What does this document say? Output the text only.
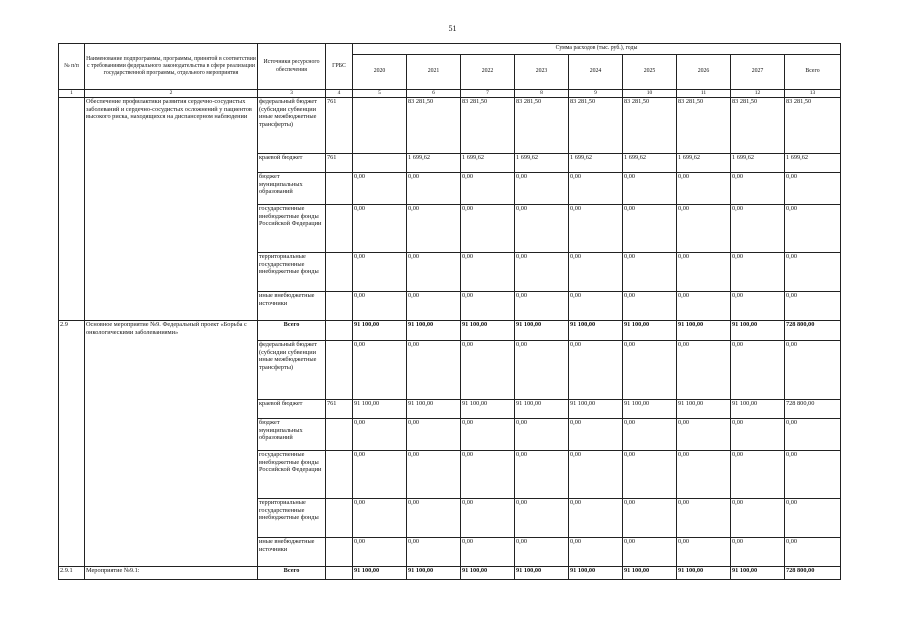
51
№ п/п	Наименование подпрограммы, программы, принятой в соответствии с требованиями федерального законодательства в сфере реализации государственной программы, отдельного мероприятия	Источники ресурсного обеспечения	ГРБС	Сумма расходов (тыс. руб.), годы								
				2020	2021	2022	2023	2024	2025	2026	2027	Всего
1	2	3	4	5	6	7	8	9	10	11	12	13
	Обеспечение профилактики развития сердечно-сосудистых заболеваний и сердечно-сосудистых осложнений у пациентов высокого риска, находящихся на диспансерном наблюдении	федеральный бюджет (субсидии субвенции иные межбюджетные трансферты)	761		83 281,50	83 281,50	83 281,50	83 281,50	83 281,50	83 281,50	83 281,50	83 281,50
		краевой бюджет	761		1 699,62	1 699,62	1 699,62	1 699,62	1 699,62	1 699,62	1 699,62	1 699,62
		бюджет муниципальных образований		0,00	0,00	0,00	0,00	0,00	0,00	0,00	0,00	0,00
		государственные внебюджетные фонды Российской Федерации		0,00	0,00	0,00	0,00	0,00	0,00	0,00	0,00	0,00
		территориальные государственные внебюджетные фонды		0,00	0,00	0,00	0,00	0,00	0,00	0,00	0,00	0,00
		иные внебюджетные источники		0,00	0,00	0,00	0,00	0,00	0,00	0,00	0,00	0,00
2.9	Основное мероприятие №9. Федеральный проект «Борьба с онкологическими заболеваниями»	Всего		91 100,00	91 100,00	91 100,00	91 100,00	91 100,00	91 100,00	91 100,00	91 100,00	728 800,00
		федеральный бюджет (субсидии субвенции иные межбюджетные трансферты)		0,00	0,00	0,00	0,00	0,00	0,00	0,00	0,00	0,00
		краевой бюджет	761	91 100,00	91 100,00	91 100,00	91 100,00	91 100,00	91 100,00	91 100,00	91 100,00	728 800,00
		бюджет муниципальных образований		0,00	0,00	0,00	0,00	0,00	0,00	0,00	0,00	0,00
		государственные внебюджетные фонды Российской Федерации		0,00	0,00	0,00	0,00	0,00	0,00	0,00	0,00	0,00
		территориальные государственные внебюджетные фонды		0,00	0,00	0,00	0,00	0,00	0,00	0,00	0,00	0,00
		иные внебюджетные источники		0,00	0,00	0,00	0,00	0,00	0,00	0,00	0,00	0,00
2.9.1	Мероприятие №9.1:	Всего		91 100,00	91 100,00	91 100,00	91 100,00	91 100,00	91 100,00	91 100,00	91 100,00	728 800,00
